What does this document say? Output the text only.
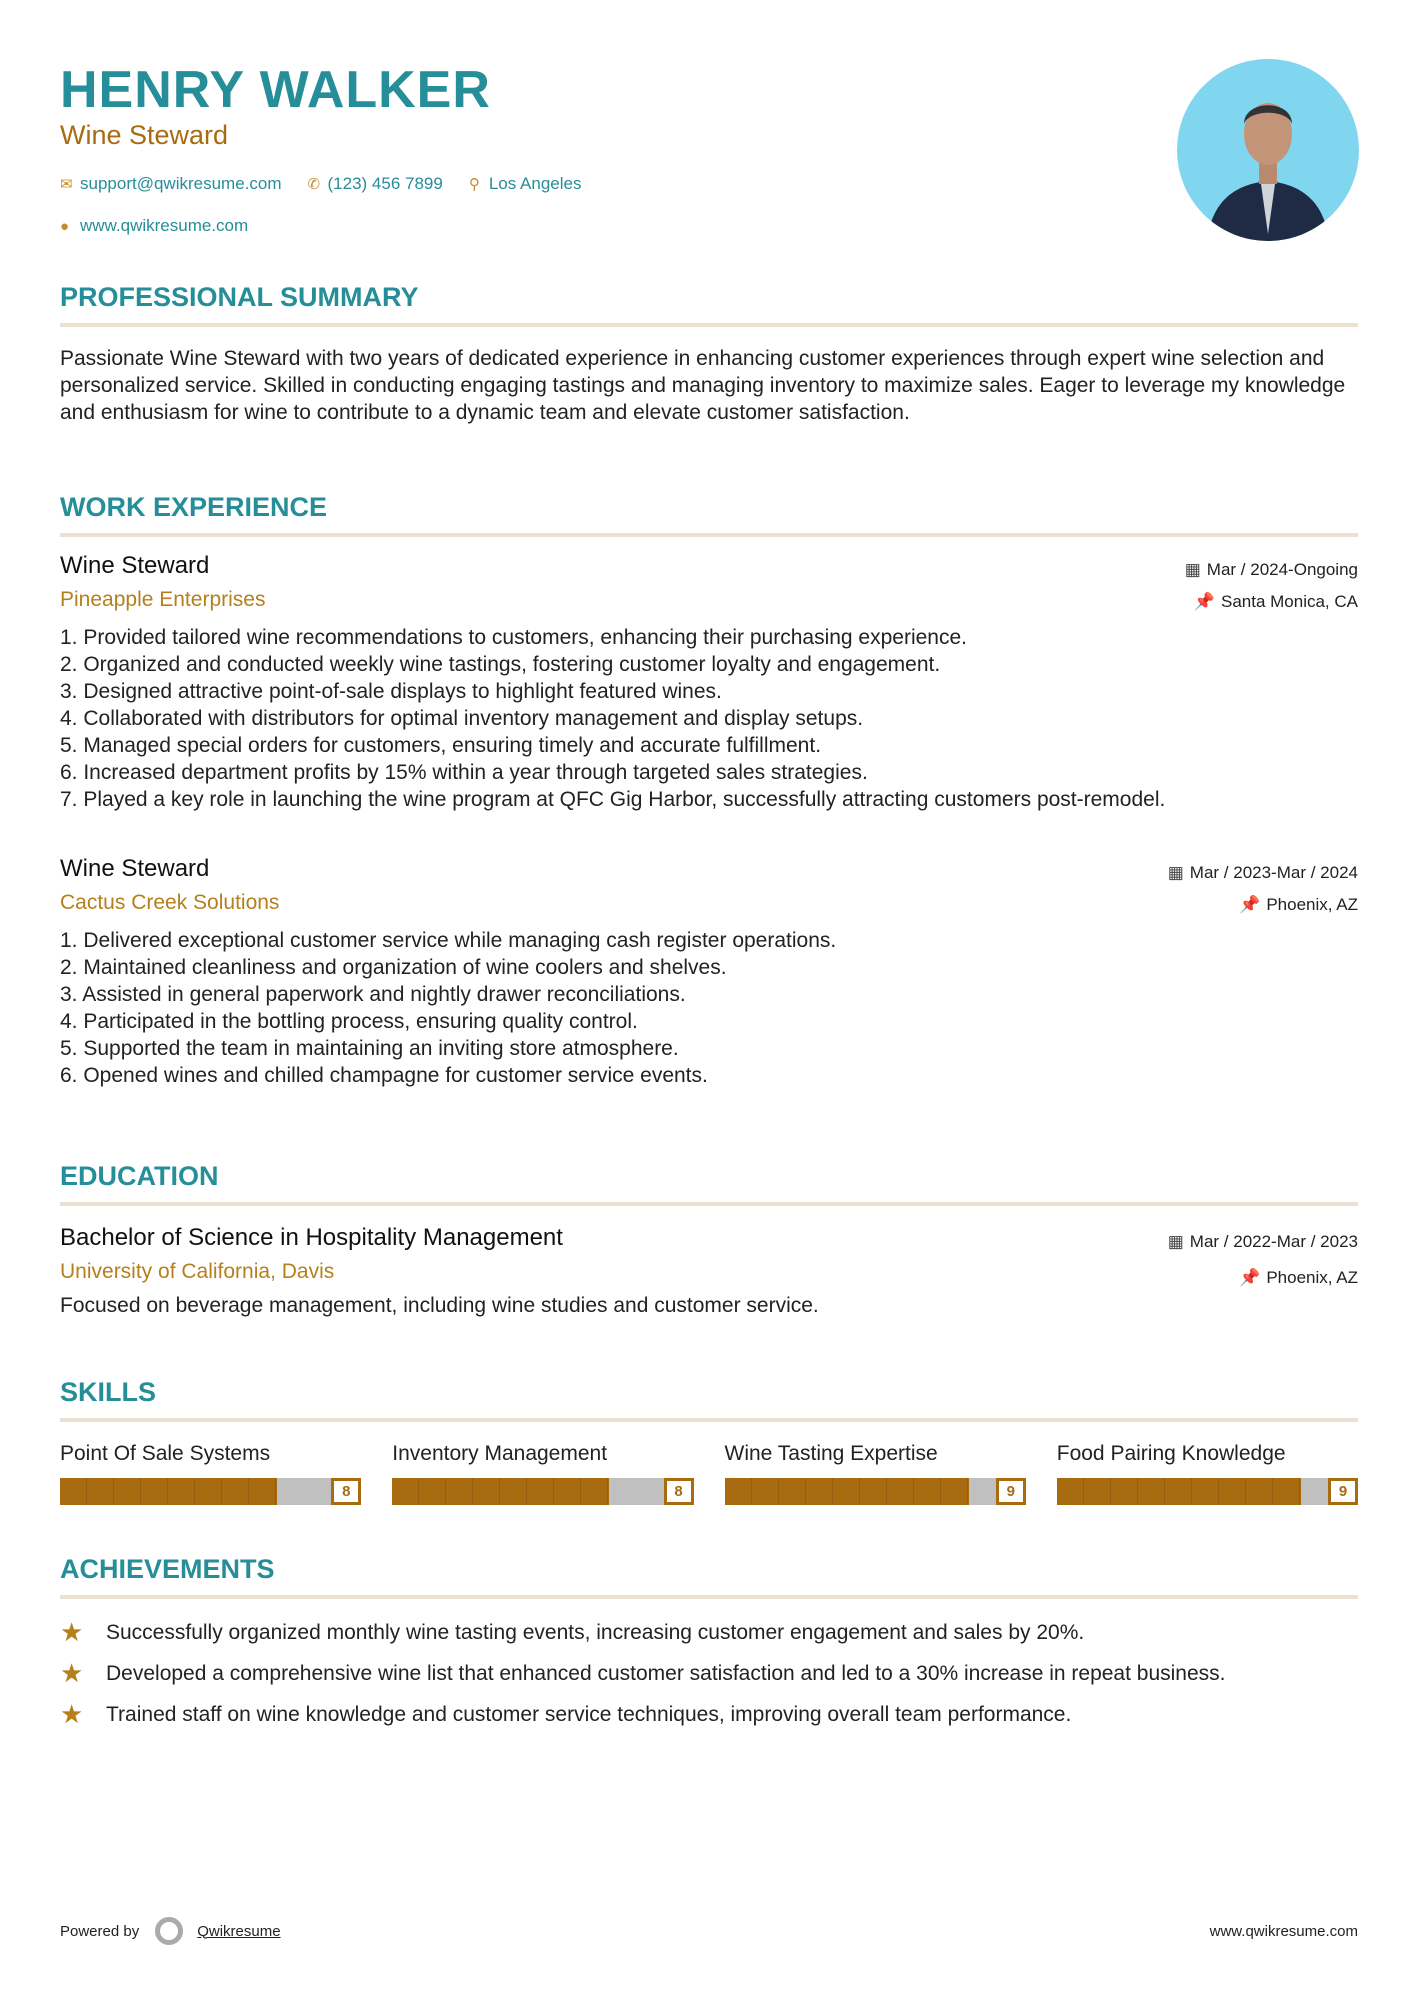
HENRY WALKER
Wine Steward
✉ support@qwikresume.com ✆ (123) 456 7899 ⚲ Los Angeles
● www.qwikresume.com
PROFESSIONAL SUMMARY

Passionate Wine Steward with two years of dedicated experience in enhancing customer experiences through expert wine selection and personalized service. Skilled in conducting engaging tastings and managing inventory to maximize sales. Eager to leverage my knowledge and enthusiasm for wine to contribute to a dynamic team and elevate customer satisfaction.

WORK EXPERIENCE
Wine Steward
Pineapple Enterprises
▦ Mar / 2024-Ongoing
📌 Santa Monica, CA
1. Provided tailored wine recommendations to customers, enhancing their purchasing experience.
2. Organized and conducted weekly wine tastings, fostering customer loyalty and engagement.
3. Designed attractive point-of-sale displays to highlight featured wines.
4. Collaborated with distributors for optimal inventory management and display setups.
5. Managed special orders for customers, ensuring timely and accurate fulfillment.
6. Increased department profits by 15% within a year through targeted sales strategies.
7. Played a key role in launching the wine program at QFC Gig Harbor, successfully attracting customers post-remodel.
Wine Steward
Cactus Creek Solutions
▦ Mar / 2023-Mar / 2024
📌 Phoenix, AZ
1. Delivered exceptional customer service while managing cash register operations.
2. Maintained cleanliness and organization of wine coolers and shelves.
3. Assisted in general paperwork and nightly drawer reconciliations.
4. Participated in the bottling process, ensuring quality control.
5. Supported the team in maintaining an inviting store atmosphere.
6. Opened wines and chilled champagne for customer service events.
EDUCATION
Bachelor of Science in Hospitality Management
University of California, Davis
▦ Mar / 2022-Mar / 2023
📌 Phoenix, AZ

Focused on beverage management, including wine studies and customer service.

SKILLS
Point Of Sale Systems
8
Inventory Management
8
Wine Tasting Expertise
9
Food Pairing Knowledge
9
ACHIEVEMENTS
★	Successfully organized monthly wine tasting events, increasing customer engagement and sales by 20%.
★	Developed a comprehensive wine list that enhanced customer satisfaction and led to a 30% increase in repeat business.
★	Trained staff on wine knowledge and customer service techniques, improving overall team performance.
Powered by	Qwikresume	www.qwikresume.com
